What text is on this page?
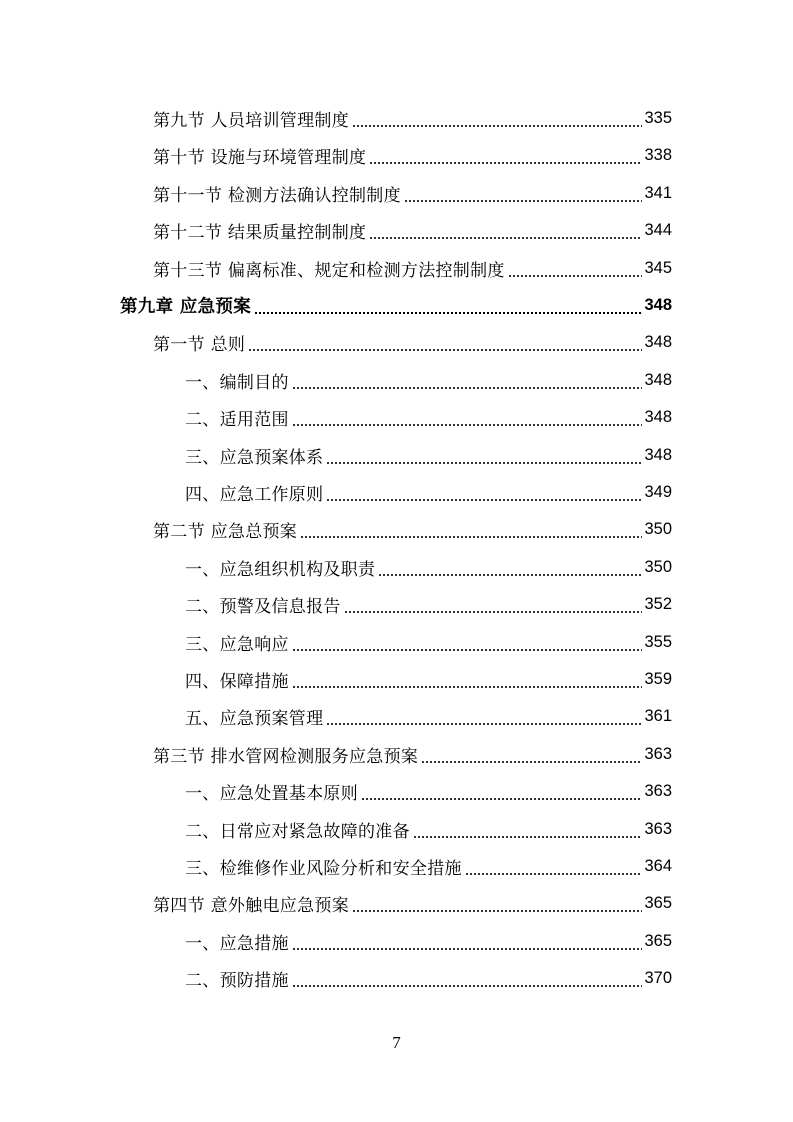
第九节 人员培训管理制度	335
第十节 设施与环境管理制度	338
第十一节 检测方法确认控制制度	341
第十二节 结果质量控制制度	344
第十三节 偏离标准、规定和检测方法控制制度	345
第九章 应急预案	348
第一节 总则	348
一、编制目的	348
二、适用范围	348
三、应急预案体系	348
四、应急工作原则	349
第二节 应急总预案	350
一、应急组织机构及职责	350
二、预警及信息报告	352
三、应急响应	355
四、保障措施	359
五、应急预案管理	361
第三节 排水管网检测服务应急预案	363
一、应急处置基本原则	363
二、日常应对紧急故障的准备	363
三、检维修作业风险分析和安全措施	364
第四节 意外触电应急预案	365
一、应急措施	365
二、预防措施	370
7
